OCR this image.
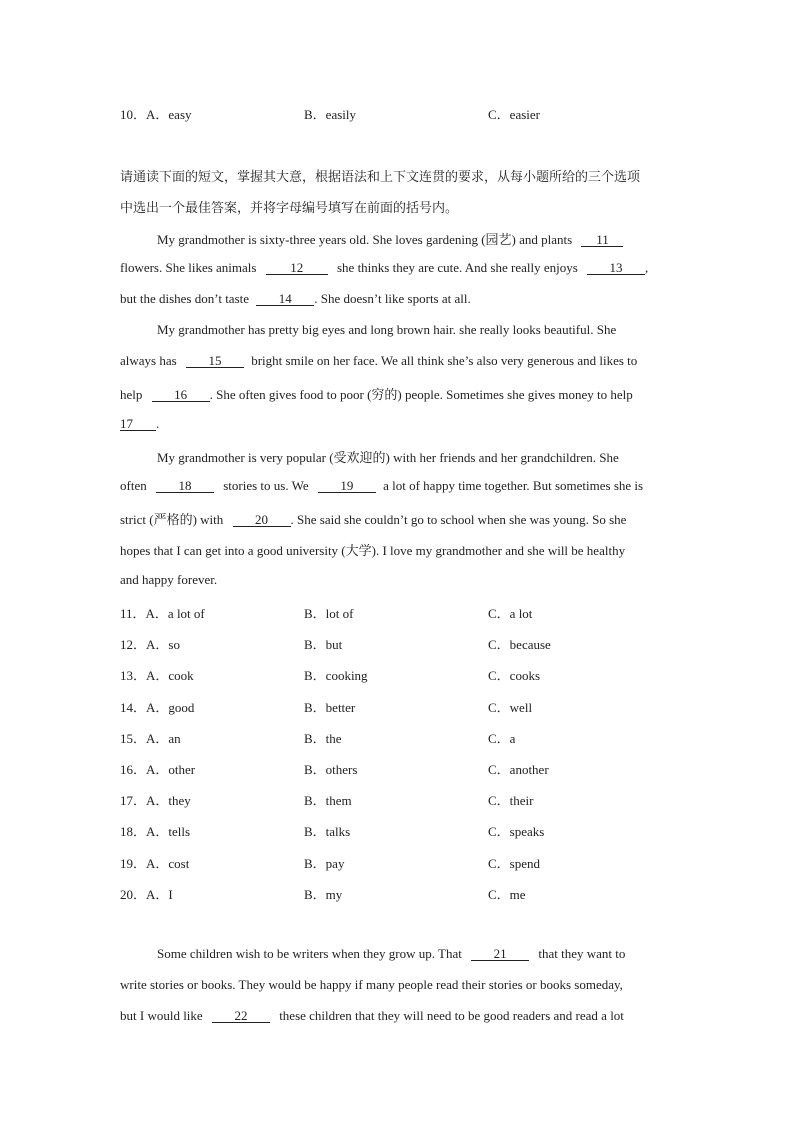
10．A．easy	B．easily	C．easier
请通读下面的短文，掌握其大意，根据语法和上下文连贯的要求，从每小题所给的三个选项
中选出一个最佳答案，并将字母编号填写在前面的括号内。
My grandmother is sixty-three years old. She loves gardening (园艺) and plants 11
flowers. She likes animals	12	she thinks they are cute. And she really enjoys 13 ,
but the dishes don’t taste 14 . She doesn’t like sports at all.
My grandmother has pretty big eyes and long brown hair. she really looks beautiful. She
always has 15 bright smile on her face. We all think she’s also very generous and likes to
help 16 . She often gives food to poor (穷的) people. Sometimes she gives money to help
17 .
My grandmother is very popular (受欢迎的) with her friends and her grandchildren. She
often 18 stories to us. We 19 a lot of happy time together. But sometimes she is
strict (严格的) with 20 . She said she couldn’t go to school when she was young. So she
hopes that I can get into a good university (大学). I love my grandmother and she will be healthy
and happy forever.
11．A．a lot of	B．lot of	C．a lot
12．A．so	B．but	C．because
13．A．cook	B．cooking	C．cooks
14．A．good	B．better	C．well
15．A．an	B．the	C．a
16．A．other	B．others	C．another
17．A．they	B．them	C．their
18．A．tells	B．talks	C．speaks
19．A．cost	B．pay	C．spend
20．A．I	B．my	C．me
Some children wish to be writers when they grow up. That 21 that they want to
write stories or books. They would be happy if many people read their stories or books someday,
but I would like 22 these children that they will need to be good readers and read a lot
